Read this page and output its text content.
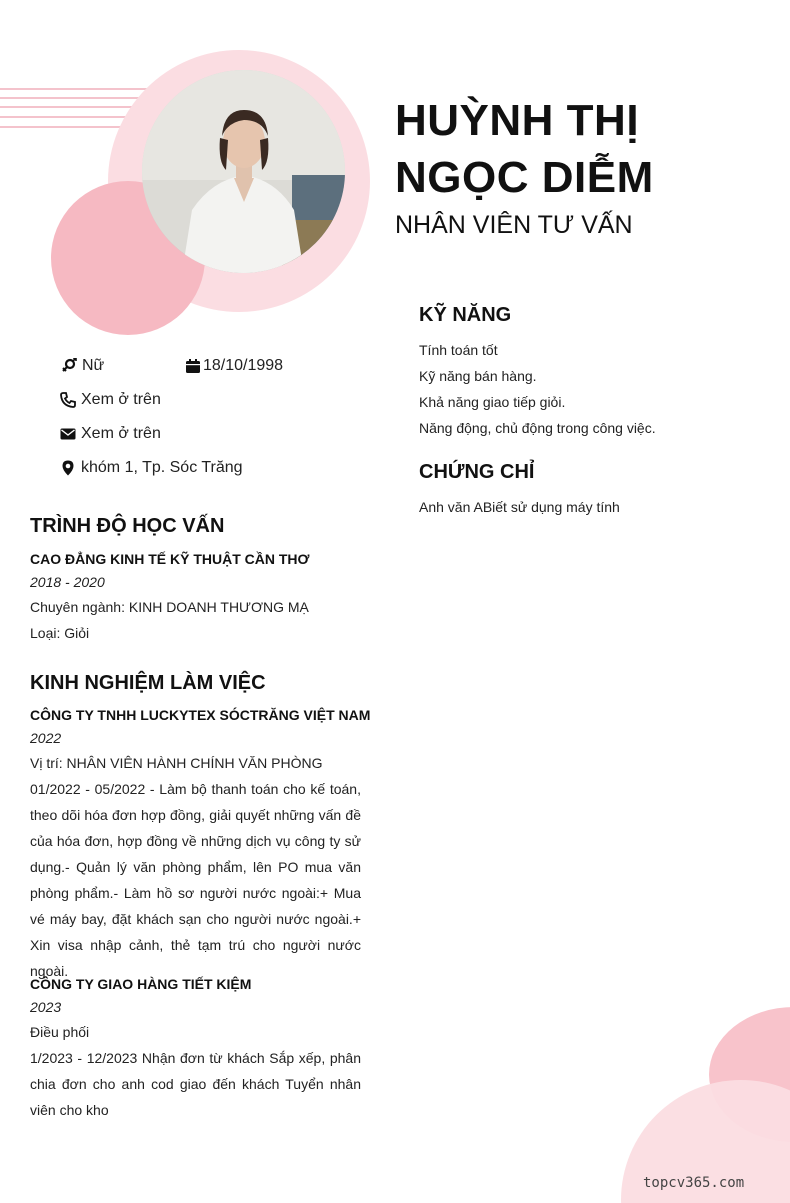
HUỲNH THỊ
NGỌC DIỄM
NHÂN VIÊN TƯ VẤN
Nữ	18/10/1998
Xem ở trên
Xem ở trên
khóm 1, Tp. Sóc Trăng
TRÌNH ĐỘ HỌC VẤN
CAO ĐẲNG KINH TẾ KỸ THUẬT CẦN THƠ
2018 - 2020
Chuyên ngành: KINH DOANH THƯƠNG MẠ
Loại: Giỏi
KINH NGHIỆM LÀM VIỆC
CÔNG TY TNHH LUCKYTEX SÓCTRĂNG VIỆT NAM
2022
Vị trí: NHÂN VIÊN HÀNH CHÍNH VĂN PHÒNG
01/2022 - 05/2022 - Làm bộ thanh toán cho kế toán, theo dõi hóa đơn hợp đồng, giải quyết những vấn đề của hóa đơn, hợp đồng về những dịch vụ công ty sử dụng.- Quản lý văn phòng phẩm, lên PO mua văn phòng phẩm.- Làm hồ sơ người nước ngoài:+ Mua vé máy bay, đặt khách sạn cho người nước ngoài.+ Xin visa nhập cảnh, thẻ tạm trú cho người nước ngoài.
CÔNG TY GIAO HÀNG TIẾT KIỆM
2023
Điều phối
1/2023 - 12/2023 Nhận đơn từ khách Sắp xếp, phân chia đơn cho anh cod giao đến khách Tuyển nhân viên cho kho
KỸ NĂNG
Tính toán tốt
Kỹ năng bán hàng.
Khả năng giao tiếp giỏi.
Năng động, chủ động trong công việc.
CHỨNG CHỈ
Anh văn ABiết sử dụng máy tính
topcv365.com
